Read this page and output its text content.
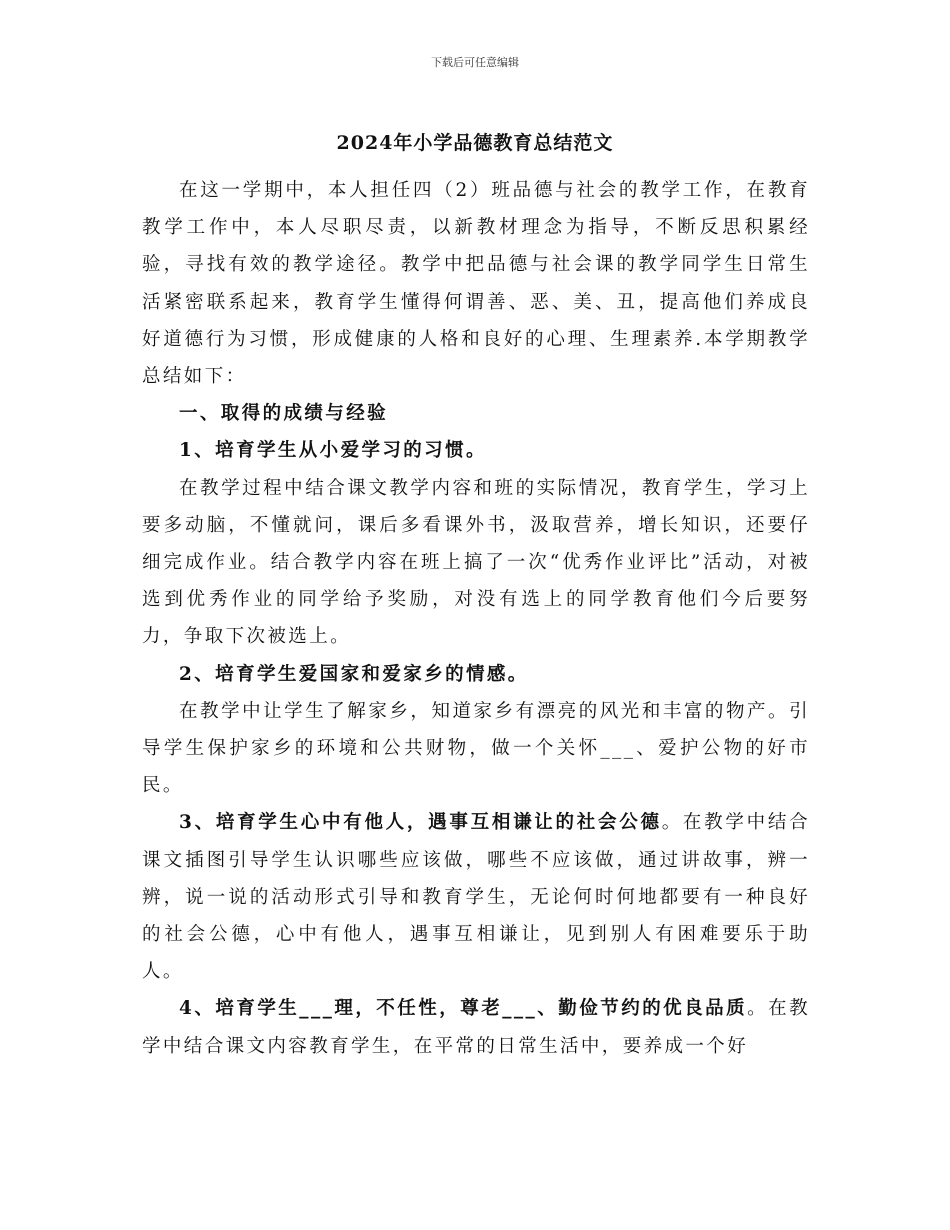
下载后可任意编辑
2024年小学品德教育总结范文

在这一学期中，本人担任四（2）班品德与社会的教学工作，在教育教学工作中，本人尽职尽责，以新教材理念为指导，不断反思积累经验，寻找有效的教学途径。教学中把品德与社会课的教学同学生日常生活紧密联系起来，教育学生懂得何谓善、恶、美、丑，提高他们养成良好道德行为习惯，形成健康的人格和良好的心理、生理素养.本学期教学总结如下：

一、取得的成绩与经验

1、培育学生从小爱学习的习惯。

在教学过程中结合课文教学内容和班的实际情况，教育学生，学习上要多动脑，不懂就问，课后多看课外书，汲取营养，增长知识，还要仔细完成作业。结合教学内容在班上搞了一次“优秀作业评比”活动，对被选到优秀作业的同学给予奖励，对没有选上的同学教育他们今后要努力，争取下次被选上。

2、培育学生爱国家和爱家乡的情感。

在教学中让学生了解家乡，知道家乡有漂亮的风光和丰富的物产。引导学生保护家乡的环境和公共财物，做一个关怀___、爱护公物的好市民。

3、培育学生心中有他人，遇事互相谦让的社会公德。在教学中结合课文插图引导学生认识哪些应该做，哪些不应该做，通过讲故事，辨一辨，说一说的活动形式引导和教育学生，无论何时何地都要有一种良好的社会公德，心中有他人，遇事互相谦让，见到别人有困难要乐于助人。

4、培育学生___理，不任性，尊老___、勤俭节约的优良品质。在教学中结合课文内容教育学生，在平常的日常生活中，要养成一个好
